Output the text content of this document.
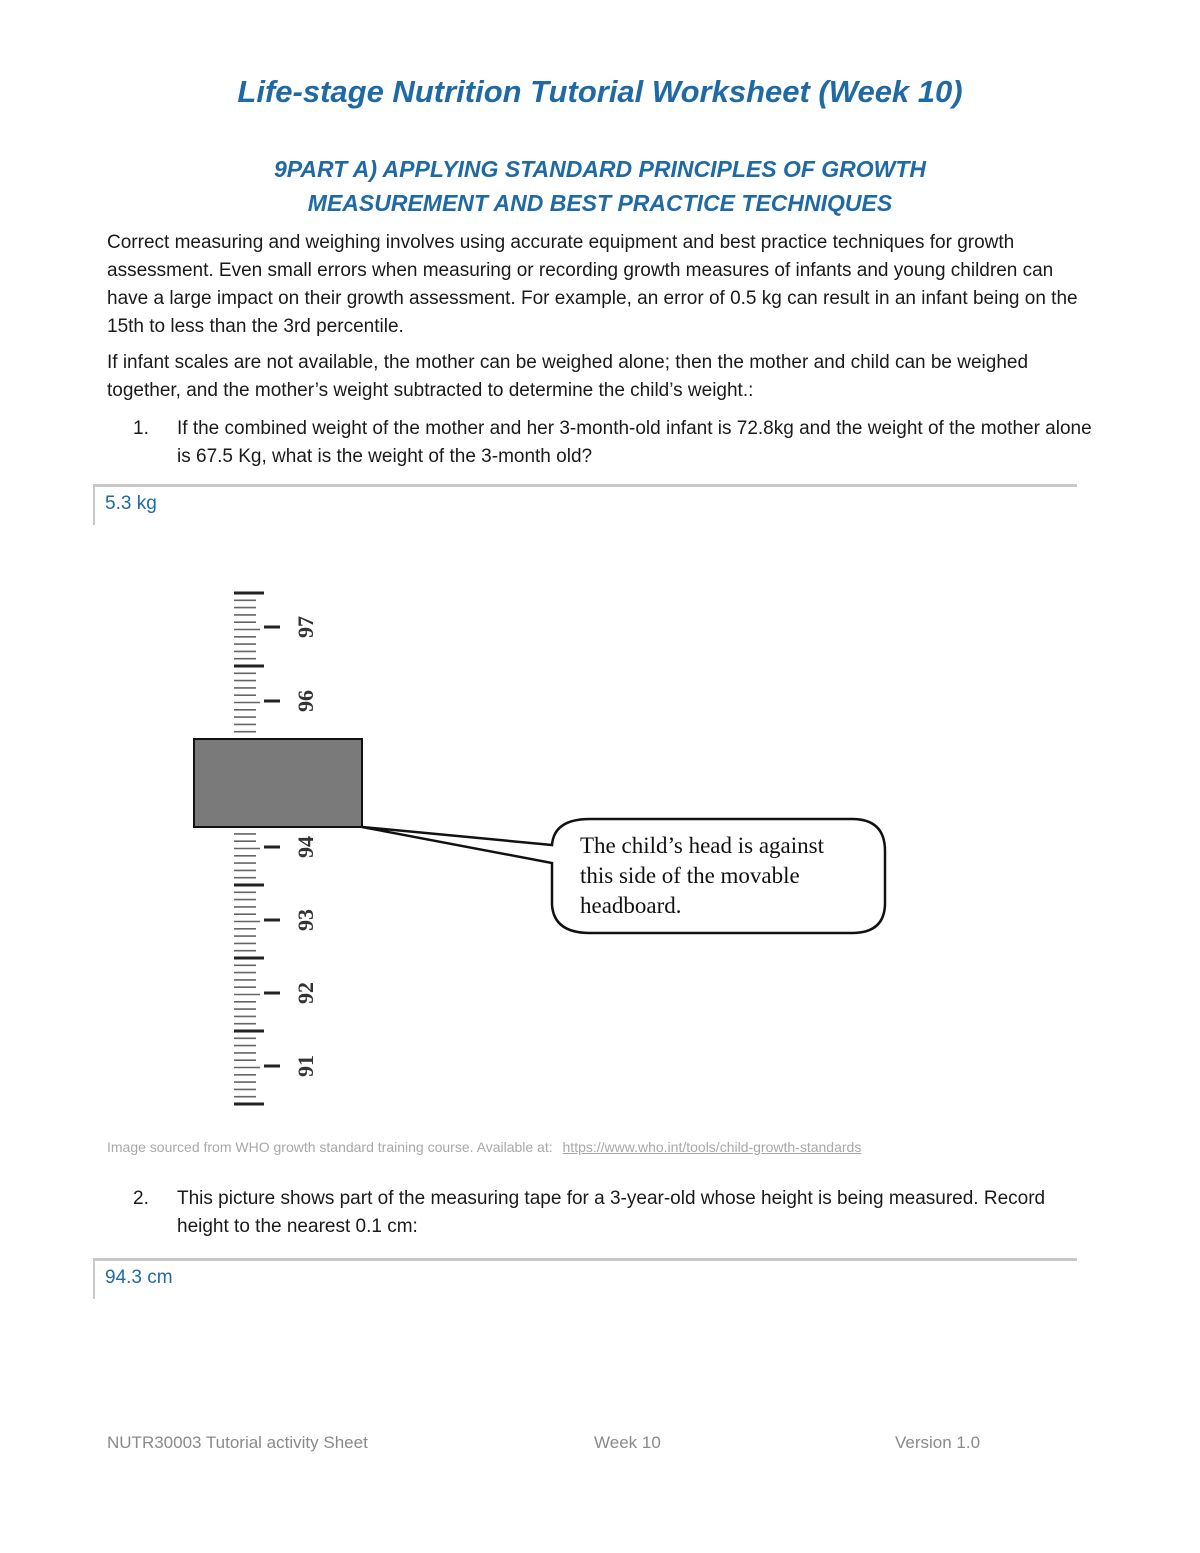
Life-stage Nutrition Tutorial Worksheet (Week 10)
9PART A) APPLYING STANDARD PRINCIPLES OF GROWTH
MEASUREMENT AND BEST PRACTICE TECHNIQUES

Correct measuring and weighing involves using accurate equipment and best practice techniques for growth assessment. Even small errors when measuring or recording growth measures of infants and young children can have a large impact on their growth assessment. For example, an error of 0.5 kg can result in an infant being on the 15th to less than the 3rd percentile.

If infant scales are not available, the mother can be weighed alone; then the mother and child can be weighed together, and the mother’s weight subtracted to determine the child’s weight.:

1. If the combined weight of the mother and her 3-month-old infant is 72.8kg and the weight of the mother alone is 67.5 Kg, what is the weight of the 3-month old?
5.3 kg
97
96
94
93
92
91
The child’s head is against
this side of the movable
headboard.
Image sourced from WHO growth standard training course. Available at: https://www.who.int/tools/child-growth-standards
2. This picture shows part of the measuring tape for a 3-year-old whose height is being measured. Record height to the nearest 0.1 cm:
94.3 cm
NUTR30003 Tutorial activity Sheet	Week 10	Version 1.0
